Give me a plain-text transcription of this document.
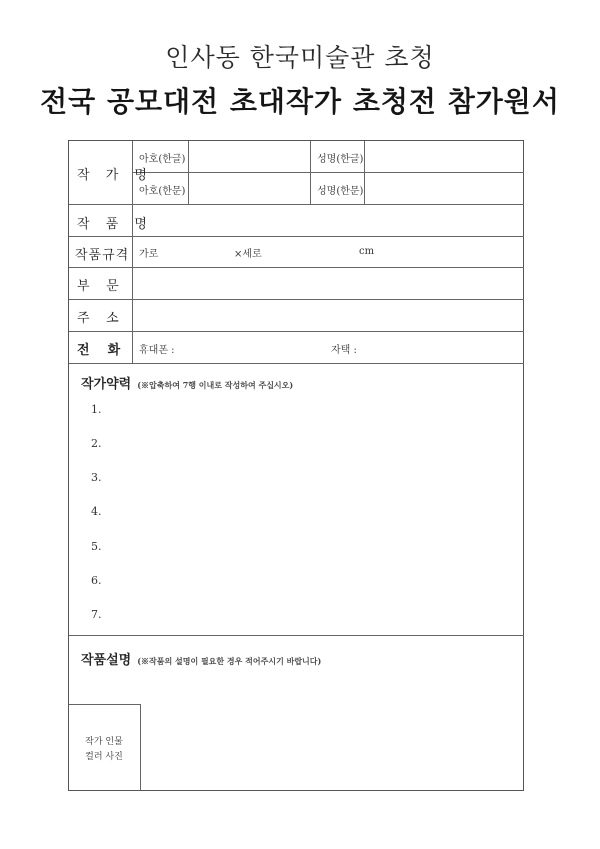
인사동 한국미술관 초청
전국 공모대전 초대작가 초청전 참가원서
작 가 명
아호(한글)	성명(한글)
아호(한문)	성명(한문)
작 품 명
작품규격 가로	×세로	cm
부    문
주    소
전    화 휴대폰 :	자택 :
작가약력 (※압축하여 7행 이내로 작성하여 주십시오)
1.
2.
3.
4.
5.
6.
7.
작품설명 (※작품의 설명이 필요한 경우 적어주시기 바랍니다)
작가 인물
컬러 사진
